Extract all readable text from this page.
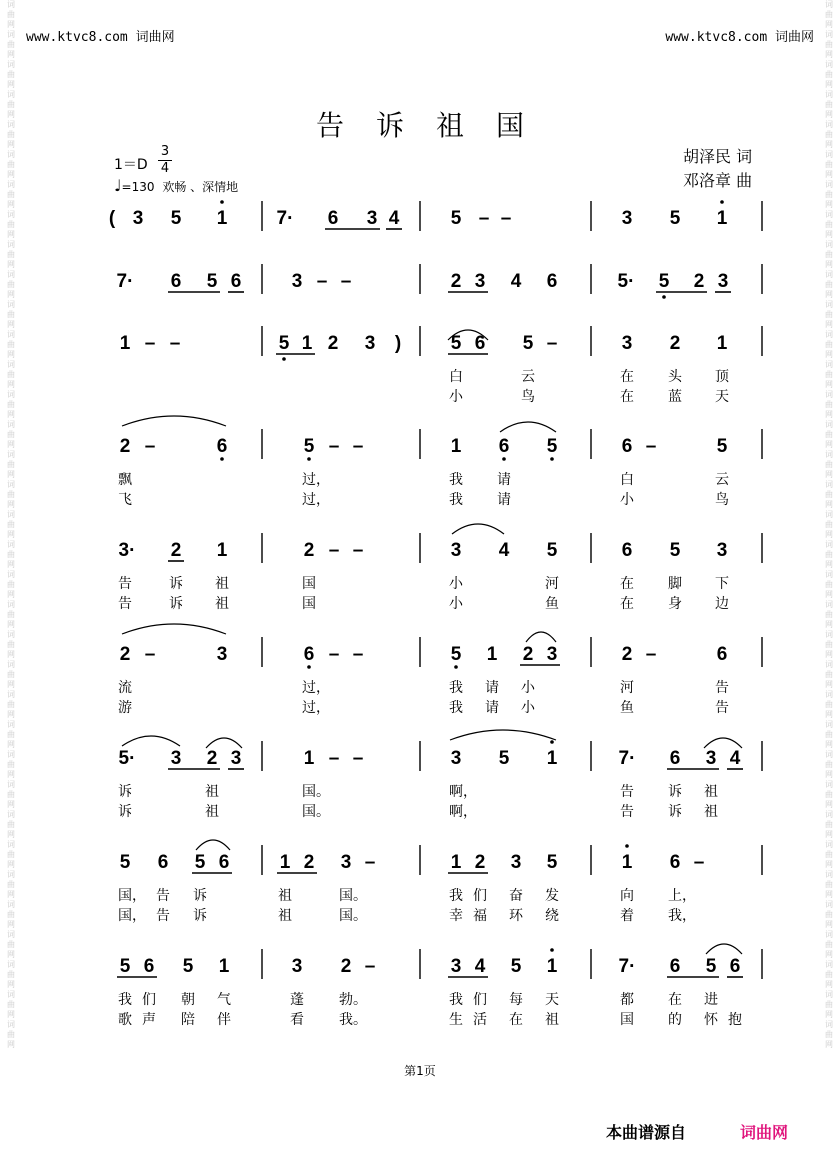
词
曲
网
词
曲
网
词
曲
网
词
曲
网
词
曲
网
词
曲
网
词
曲
网
词
曲
网
词
曲
网
词
曲
网
词
曲
网
词
曲
网
词
曲
网
词
曲
网
词
曲
网
词
曲
网
词
曲
网
词
曲
网
词
曲
网
词
曲
网
词
曲
网
词
曲
网
词
曲
网
词
曲
网
词
曲
网
词
曲
网
词
曲
网
词
曲
网
词
曲
网
词
曲
网
词
曲
网
词
曲
网
词
曲
网
词
曲
网
词
曲
网
词
曲
网
词
曲
网
词
曲
网
词
曲
网
词
曲
网
词
曲
网
词
曲
网
词
曲
网
词
曲
网
词
曲
网
词
曲
网
词
曲
网
词
曲
网
词
曲
网
词
曲
网
词
曲
网
词
曲
网
词
曲
网
词
曲
网
词
曲
网
词
曲
网
词
曲
网
词
曲
网
词
曲
网
词
曲
网
词
曲
网
词
曲
网
词
曲
网
词
曲
网
词
曲
网
词
曲
网
词
曲
网
词
曲
网
词
曲
网
词
曲
网
www.ktvc8.com 词曲网	www.ktvc8.com 词曲网
告诉祖国
$1=D \frac{3}{4}$
♩=130 欢畅 、深情地
胡泽民 词
邓洛章 曲
( 3 5 1	7· 6 3 4	5 – –	3 5 1
7· 6 5 6	3 – –	2 3 4 6	5· 5 2 3
1 – –	5 1 2 3 )	5 6 5 –	3 2 1
白	云	在 头 顶
小	鸟	在 蓝 天
2 –	6	5 – –	1 6 5	6 –	5
飘	过，	我 请	白	云
飞	过，	我 请	小	鸟
3· 2 1	2 – –	3 4 5	6 5 3
告	诉 祖	国	小	河	在 脚 下
告	诉 祖	国	小	鱼	在 身 边
2 –	3	6 – –	5 1 2 3	2 –	6
流	过，	我 请 小	河	告
游	过，	我 请 小	鱼	告
5· 3 2 3	1 – –	3 5 1	7· 6 3 4
诉	祖	国。	啊，	告 诉 祖
诉	祖	国。	啊，	告 诉 祖
5 6 5 6	1 2 3 –	1 2 3 5	1 6 –
国， 告 诉	祖	国。	我 们 奋 发	向 上，
国， 告 诉	祖	国。	幸 福 环 绕	着 我，
5 6 5 1	3 2 –	3 4 5 1	7· 6 5 6
我 们 朝 气	蓬	勃。	我 们 每 天	都 在 进
歌 声 陪 伴	看	我。	生 活 在 祖	国 的 怀 抱
第1页
本曲谱源自	词曲网
